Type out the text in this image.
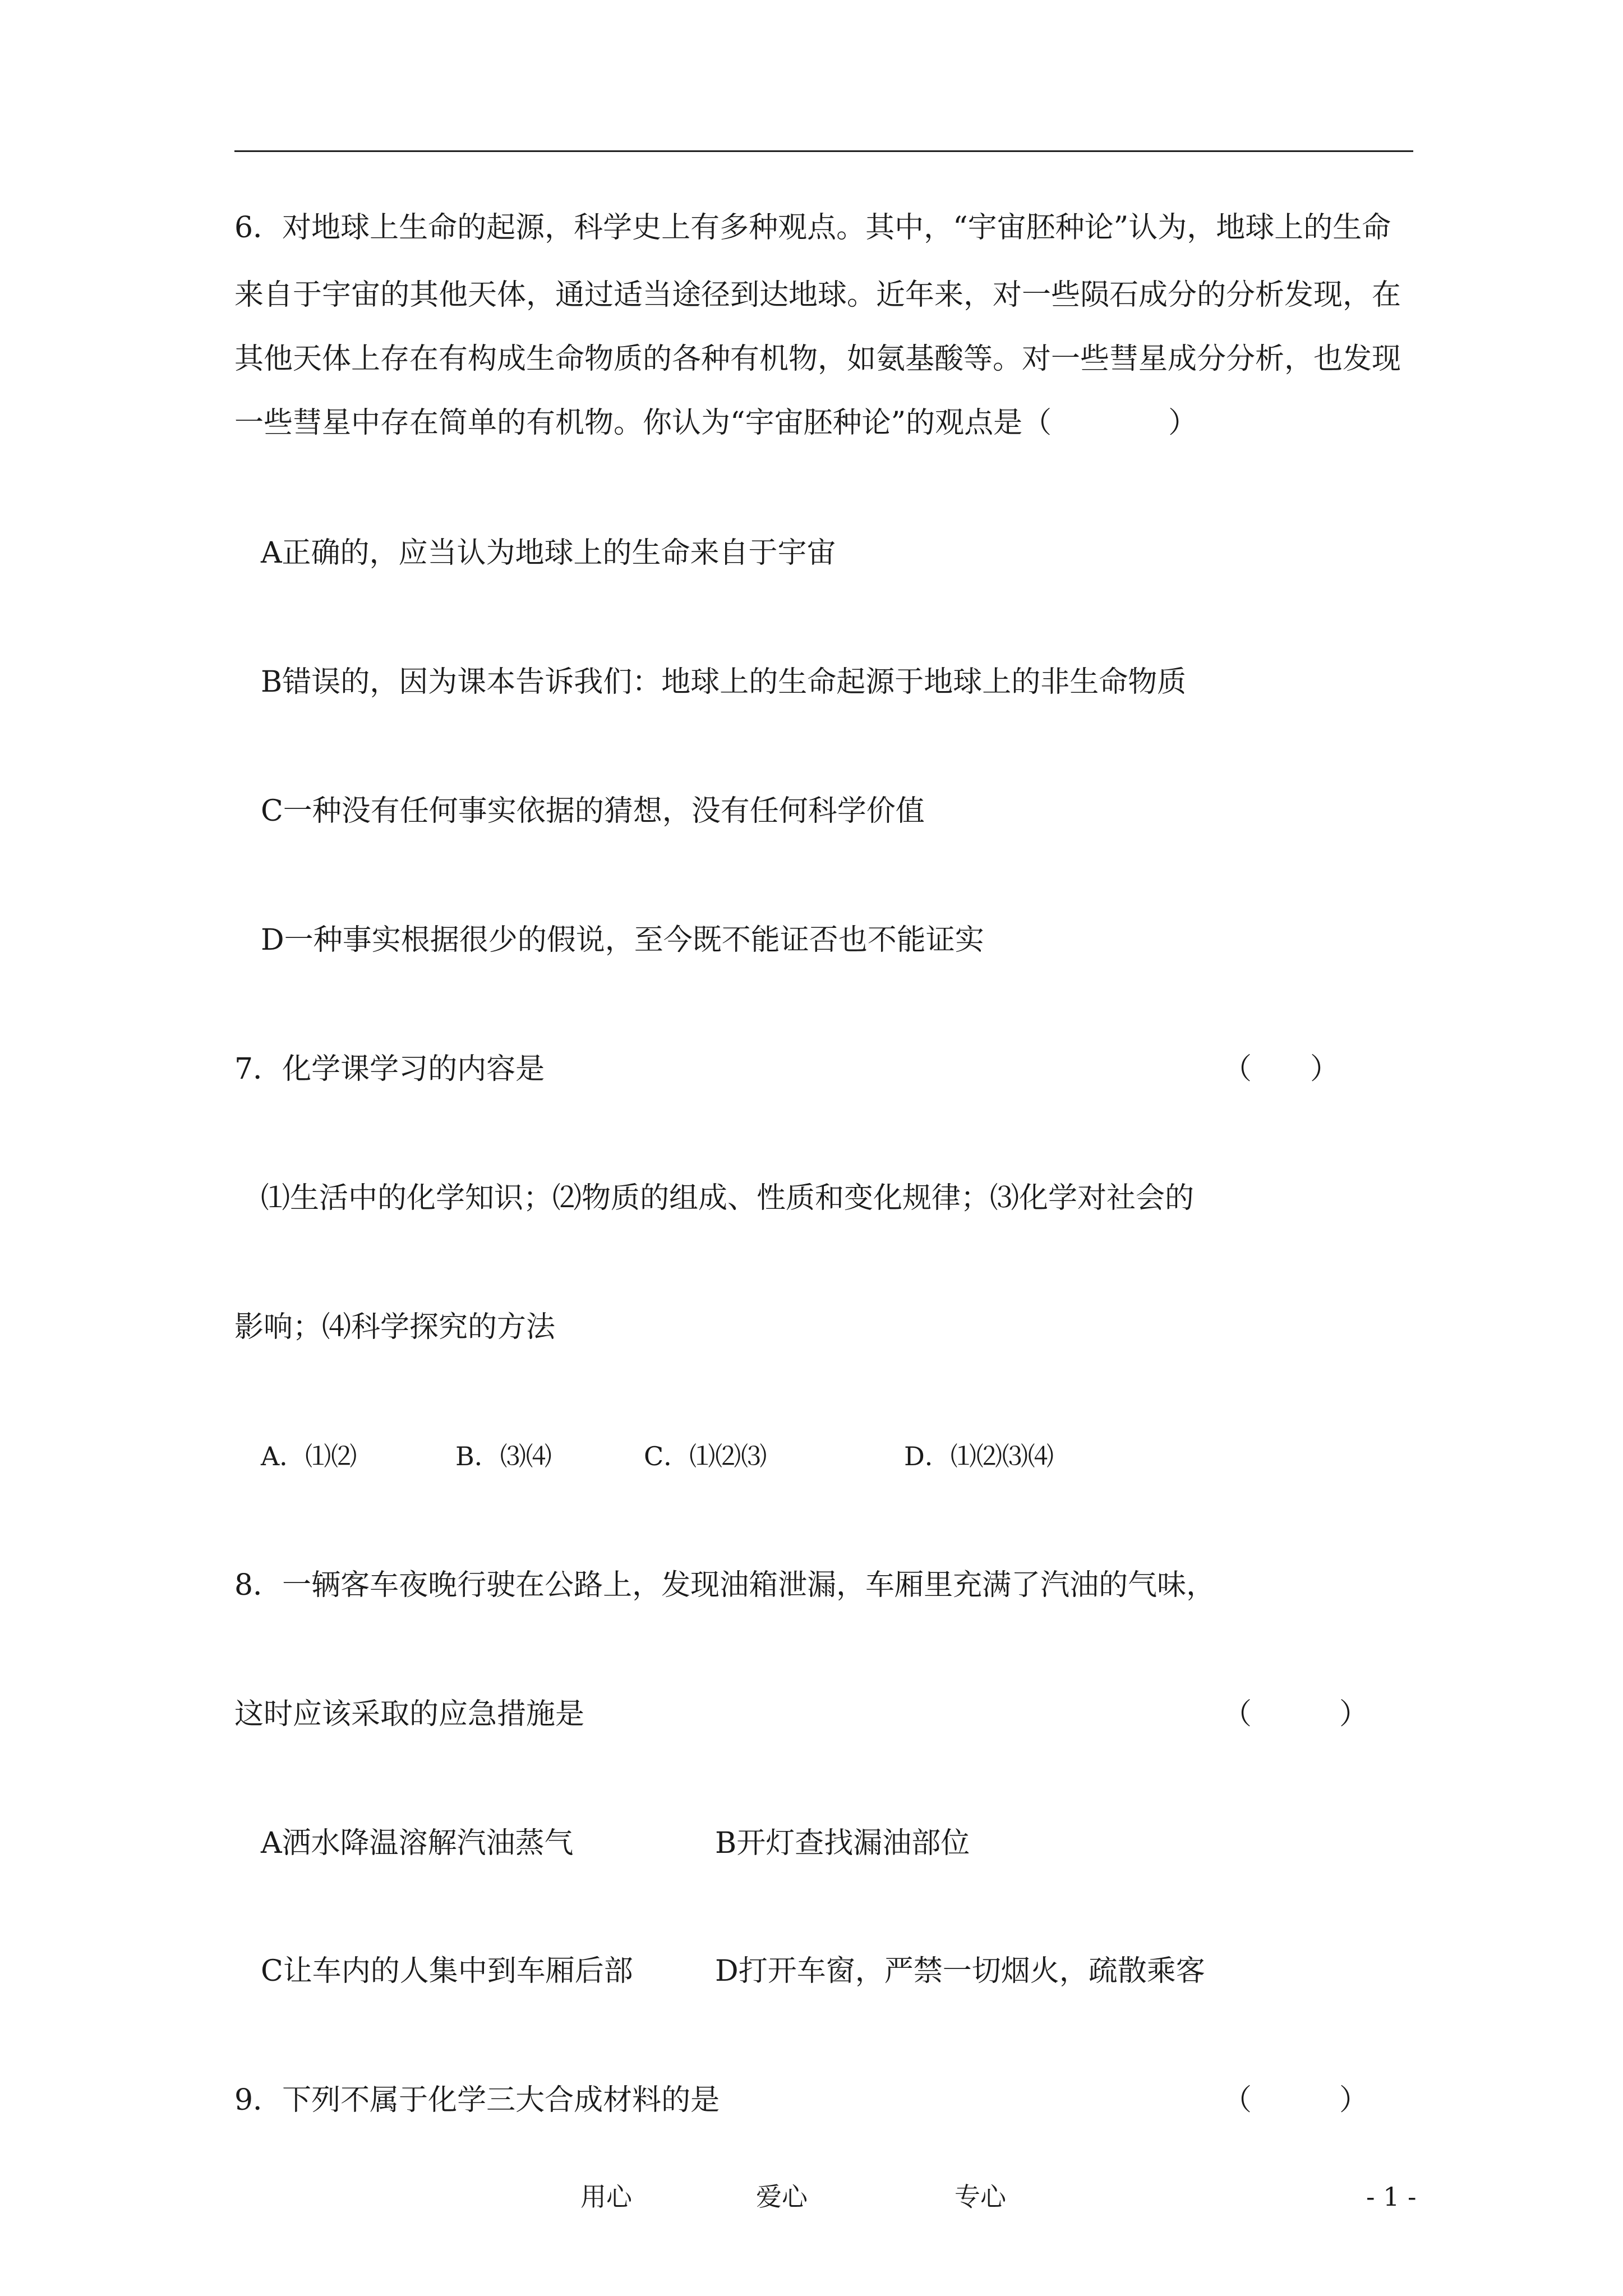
6．对地球上生命的起源，科学史上有多种观点。其中，“宇宙胚种论”认为，地球上的生命
来自于宇宙的其他天体，通过适当途径到达地球。近年来，对一些陨石成分的分析发现，在
其他天体上存在有构成生命物质的各种有机物，如氨基酸等。对一些彗星成分分析，也发现
一些彗星中存在简单的有机物。你认为“宇宙胚种论”的观点是（　　　　）
A正确的，应当认为地球上的生命来自于宇宙
B错误的，因为课本告诉我们：地球上的生命起源于地球上的非生命物质
C一种没有任何事实依据的猜想，没有任何科学价值
D一种事实根据很少的假说，至今既不能证否也不能证实
7．化学课学习的内容是	（　　）
⑴生活中的化学知识；⑵物质的组成、性质和变化规律；⑶化学对社会的
影响；⑷科学探究的方法
A．⑴⑵	B．⑶⑷	C．⑴⑵⑶	D．⑴⑵⑶⑷
8．一辆客车夜晚行驶在公路上，发现油箱泄漏，车厢里充满了汽油的气味，
这时应该采取的应急措施是	（　　　）
A洒水降温溶解汽油蒸气	B开灯查找漏油部位
C让车内的人集中到车厢后部	D打开车窗，严禁一切烟火，疏散乘客
9．下列不属于化学三大合成材料的是	（　　　）
用心	爱心	专心	- 1 -
